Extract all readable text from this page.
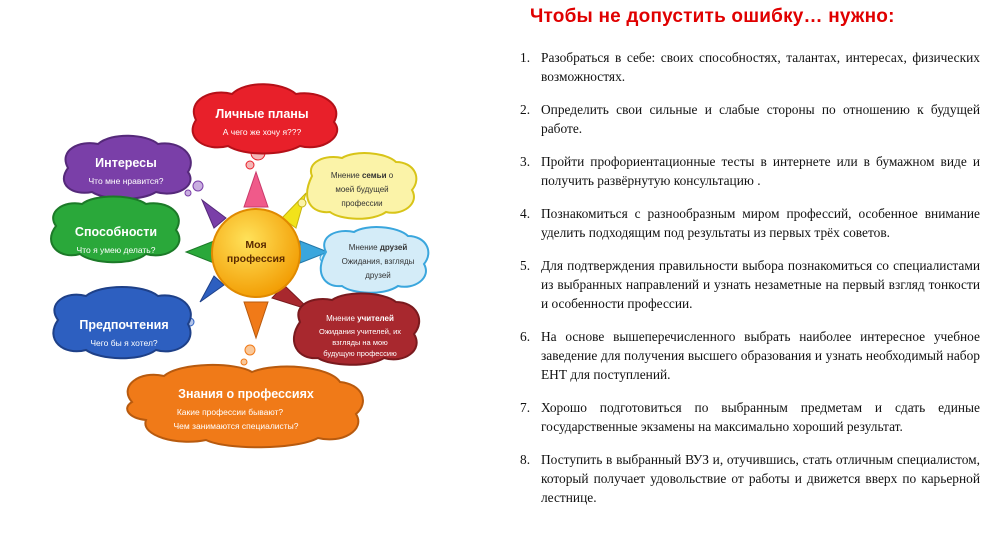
Моя
профессия
Личные планы
А чего же хочу я???
Интересы
Что мне нравится?
Способности
Что я умею делать?
Предпочтения
Чего бы я хотел?
Знания о профессиях
Какие профессии бывают?
Чем занимаются специалисты?
Мнение семьи о
моей будущей
профессии
Мнение друзей
Ожидания, взгляды
друзей
Мнение учителей
Ожидания учителей, их
взгляды на мою
будущую профессию
Чтобы не допустить ошибку… нужно:
1. Разобраться в себе: своих способностях, талантах, интересах, физических возможностях.
2. Определить свои сильные и слабые стороны по отношению к будущей работе.
3. Пройти профориентационные тесты в интернете или в бумажном виде и получить развёрнутую консультацию .
4. Познакомиться с разнообразным миром профессий, особенное внимание уделить подходящим под результаты из первых трёх советов.
5. Для подтверждения правильности выбора познакомиться со специалистами из выбранных направлений и узнать незаметные на первый взгляд тонкости и особенности профессии.
6. На основе вышеперечисленного выбрать наиболее интересное учебное заведение для получения высшего образования и узнать необходимый набор ЕНТ для поступлений.
7. Хорошо подготовиться по выбранным предметам и сдать единые государственные экзамены на максимально хороший результат.
8. Поступить в выбранный ВУЗ и, отучившись, стать отличным специалистом, который получает удовольствие от работы и движется вверх по карьерной лестнице.
